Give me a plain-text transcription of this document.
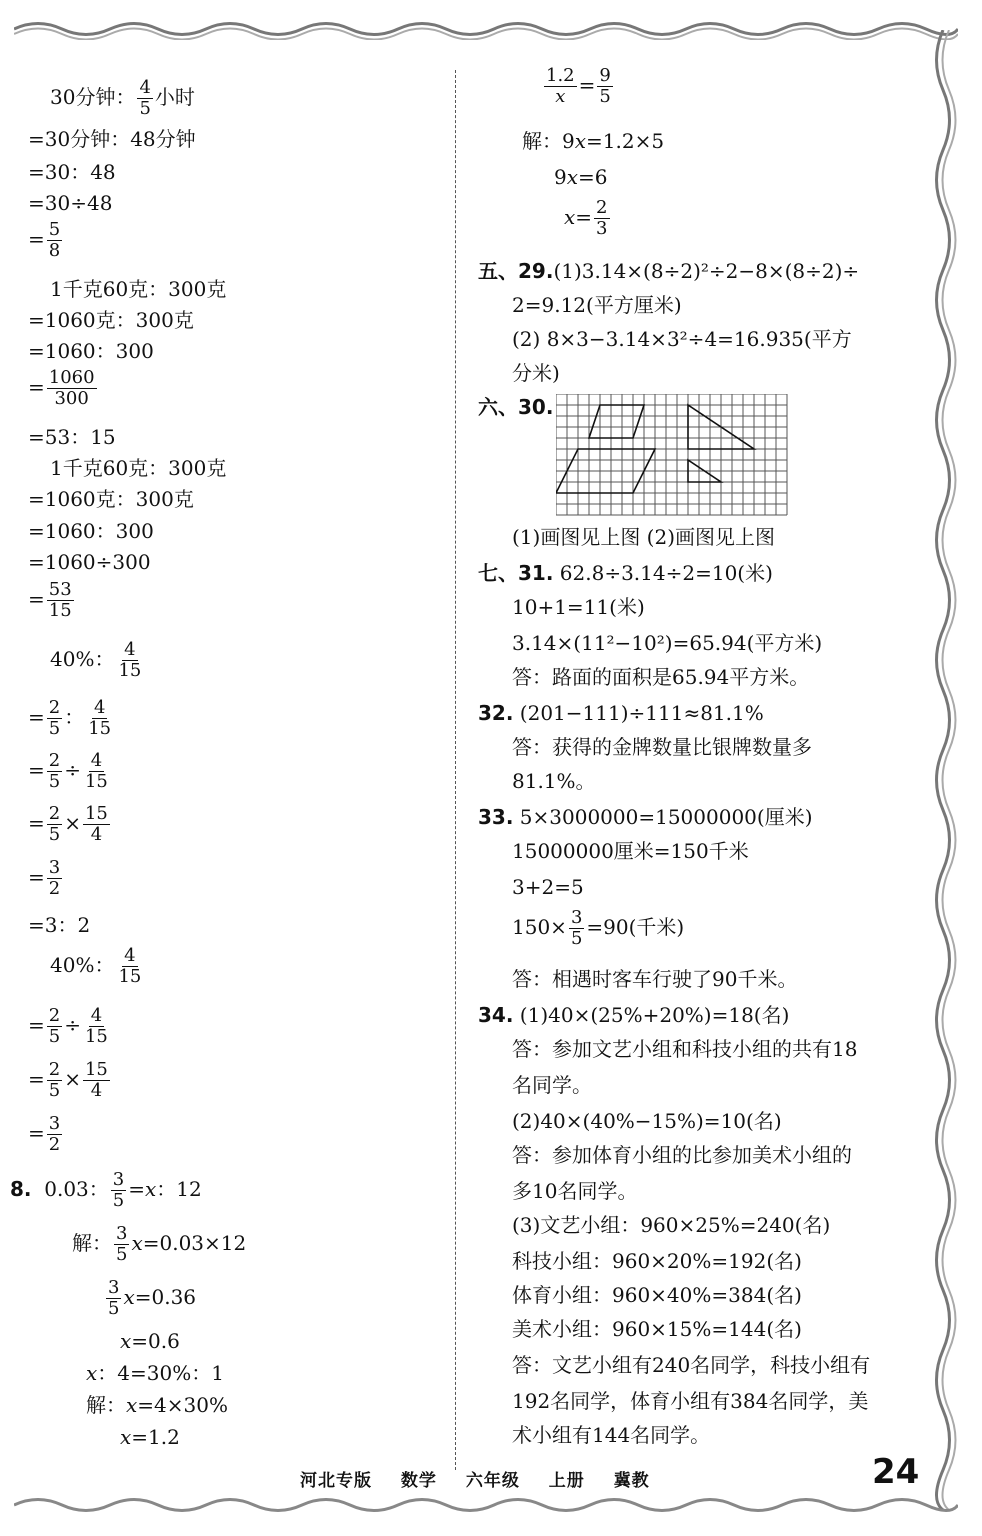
30分钟： $\frac{4}{5}$ 小时
=30分钟：48分钟
=30：48
=30÷48
= $\frac{5}{8}$
1千克60克：300克
=1060克：300克
=1060：300
= $\frac{1060}{300}$
=53：15
1千克60克：300克
=1060克：300克
=1060：300
=1060÷300
= $\frac{53}{15}$
40%： $\frac{4}{15}$
= $\frac{2}{5}$ ： $\frac{4}{15}$
= $\frac{2}{5} \div \frac{4}{15}$
= $\frac{2}{5} \times \frac{15}{4}$
= $\frac{3}{2}$
=3：2
40%： $\frac{4}{15}$
= $\frac{2}{5} \div \frac{4}{15}$
= $\frac{2}{5} \times \frac{15}{4}$
= $\frac{3}{2}$
8. 0.03： $\frac{3}{5} =x$：12
解： $\frac{3}{5} x=0.03\times 12$
$\frac{3}{5} x=0.36$
x=0.6
x：4=30%：1
解：x=4×30%
x=1.2
$\frac{1.2}{x} = \frac{9}{5}$
解：9x=1.2×5
9x=6
$x= \frac{2}{3}$
五、29.(1)3.14×(8÷2)²÷2−8×(8÷2)÷
2=9.12(平方厘米)
(2) 8×3−3.14×3²÷4=16.935(平方
分米)
六、30.
(1)画图见上图 (2)画图见上图
七、31. 62.8÷3.14÷2=10(米)
10+1=11(米)
3.14×(11²−10²)=65.94(平方米)
答：路面的面积是65.94平方米。
32. (201−111)÷111≈81.1%
答：获得的金牌数量比银牌数量多
81.1%。
33. 5×3000000=15000000(厘米)
15000000厘米=150千米
3+2=5
$150\times \frac{3}{5} =90$(千米)
答：相遇时客车行驶了90千米。
34. (1)40×(25%+20%)=18(名)
答：参加文艺小组和科技小组的共有18
名同学。
(2)40×(40%−15%)=10(名)
答：参加体育小组的比参加美术小组的
多10名同学。
(3)文艺小组：960×25%=240(名)
科技小组：960×20%=192(名)
体育小组：960×40%=384(名)
美术小组：960×15%=144(名)
答：文艺小组有240名同学，科技小组有
192名同学，体育小组有384名同学，美
术小组有144名同学。
河北专版 数学 六年级 上册 冀教	24
